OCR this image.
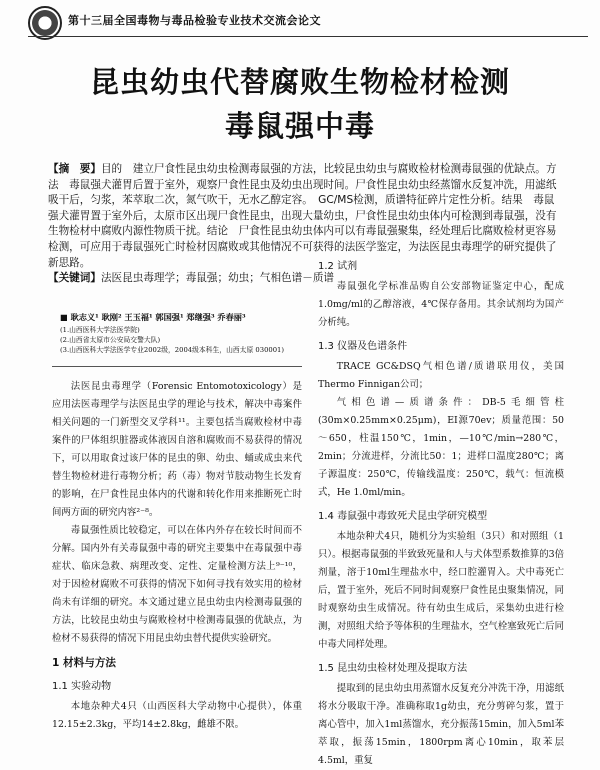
第十三届全国毒物与毒品检验专业技术交流会论文
昆虫幼虫代替腐败生物检材检测
毒鼠强中毒
【摘　要】目的　建立尸食性昆虫幼虫检测毒鼠强的方法，比较昆虫幼虫与腐败检材检测毒鼠强的优缺点。方法　毒鼠强犬灌胃后置于室外，观察尸食性昆虫及幼虫出现时间。尸食性昆虫幼虫经蒸馏水反复冲洗，用滤纸吸干后，匀浆，苯萃取二次，氮气吹干，无水乙醇定容。　GC/MS检测，质谱特征碎片定性分析。结果　毒鼠强犬灌胃置于室外后，太原市区出现尸食性昆虫，出现大量幼虫，尸食性昆虫幼虫体内可检测到毒鼠强，没有生物检材中腐败内源性物质干扰。结论　尸食性昆虫幼虫体内可以有毒鼠强聚集，经处理后比腐败检材更容易检测，可应用于毒鼠强死亡时检材因腐败或其他情况不可获得的法医学鉴定，为法医昆虫毒理学的研究提供了新思路。
【关键词】法医昆虫毒理学；毒鼠强；幼虫；气相色谱－质谱
■ 耿志义¹ 耿刚² 王玉福¹ 郭国强¹ 郑继强³ 乔春丽³
(1.山西医科大学法医学院)
(2.山西省太原市公安局交警大队)
(3.山西医科大学法医学专业2002级，2004级本科生，山西太原 030001)

法医昆虫毒理学（Forensic Entomotoxicology）是应用法医毒理学与法医昆虫学的理论与技术，解决中毒案件相关问题的一门新型交叉学科¹¹。主要包括当腐败检材中毒案件的尸体组织脏器或体液因自溶和腐败而不易获得的情况下，可以用取食过该尸体的昆虫的卵、幼虫、蛹或成虫来代替生物检材进行毒物分析；药（毒）物对节肢动物生长发育的影响，在尸食性昆虫体内的代谢和转化作用来推断死亡时间两方面的研究内容²⁻⁸。

毒鼠强性质比较稳定，可以在体内外存在较长时间而不分解。国内外有关毒鼠强中毒的研究主要集中在毒鼠强中毒症状、临床急救、病理改变、定性、定量检测方法上⁹⁻¹⁰，对于因检材腐败不可获得的情况下如何寻找有效实用的检材尚未有详细的研究。本文通过建立昆虫幼虫内检测毒鼠强的方法，比较昆虫幼虫与腐败检材中检测毒鼠强的优缺点，为检材不易获得的情况下用昆虫幼虫替代提供实验研究。

1 材料与方法
1.1 实验动物

本地杂种犬4只（山西医科大学动物中心提供），体重12.15±2.3kg，平均14±2.8kg，雌雄不限。

1.2 试剂

毒鼠强化学标准品购自公安部物证鉴定中心，配成1.0mg/ml的乙醇溶液，4℃保存备用。其余试剂均为国产分析纯。

1.3 仪器及色谱条件

TRACE GC&DSQ气相色谱/质谱联用仪，美国Thermo Finnigan公司；

气相色谱—质谱条件：DB-5毛细管柱(30m×0.25mm×0.25μm)，EI源70ev；质量范围：50～650，柱温150℃，1min，—10℃/min→280℃，2min；分流进样，分流比50：1；进样口温度280℃；离子源温度：250℃，传输线温度：250℃，载气：恒流模式，He 1.0ml/min。

1.4 毒鼠强中毒致死犬昆虫学研究模型

本地杂种犬4只，随机分为实验组（3只）和对照组（1只）。根据毒鼠强的半致致死量和人与犬体型系数推算的3倍剂量，溶于10ml生理盐水中，经口腔灌胃入。犬中毒死亡后，置于室外，死后不同时间观察尸食性昆虫聚集情况，同时观察幼虫生成情况。待有幼虫生成后，采集幼虫进行检测，对照组犬给予等体积的生理盐水，空气栓塞致死亡后同中毒犬同样处理。

1.5 昆虫幼虫检材处理及提取方法

提取到的昆虫幼虫用蒸馏水反复充分冲洗干净，用滤纸将水分吸取干净。准确称取1g幼虫，充分剪碎匀浆，置于离心管中，加入1ml蒸馏水，充分振荡15min，加入5ml苯萃取，振荡15min，1800rpm离心10min，取苯层4.5ml，重复
